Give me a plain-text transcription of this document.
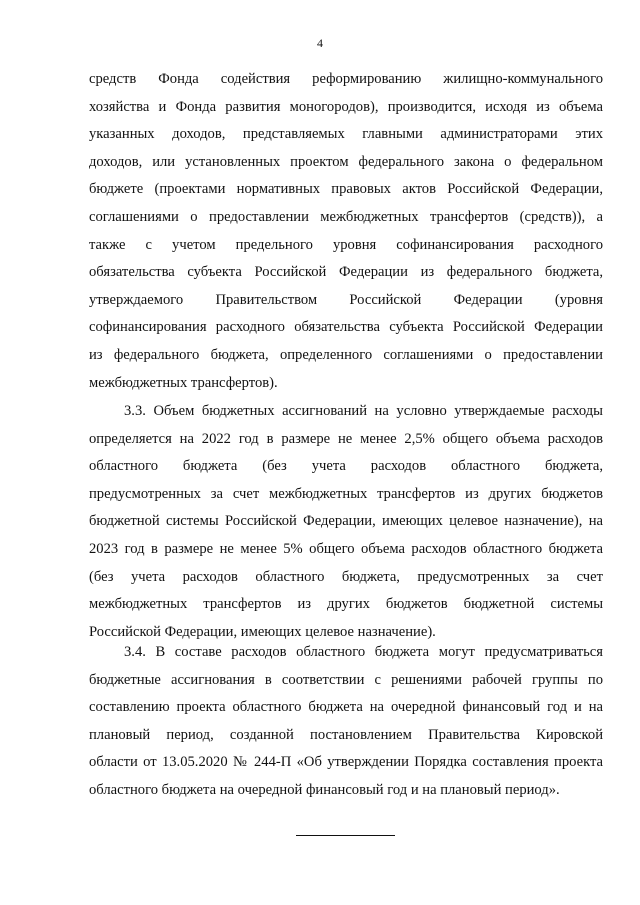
4
средств Фонда содействия реформированию жилищно-коммунального
хозяйства и Фонда развития моногородов), производится, исходя из объема
указанных доходов, представляемых главными администраторами этих
доходов, или установленных проектом федерального закона о федеральном
бюджете (проектами нормативных правовых актов Российской Федерации,
соглашениями о предоставлении межбюджетных трансфертов (средств)), а
также с учетом предельного уровня софинансирования расходного
обязательства субъекта Российской Федерации из федерального бюджета,
утверждаемого Правительством Российской Федерации (уровня
софинансирования расходного обязательства субъекта Российской Федерации
из федерального бюджета, определенного соглашениями о предоставлении
межбюджетных трансфертов).
3.3. Объем бюджетных ассигнований на условно утверждаемые расходы
определяется на 2022 год в размере не менее 2,5% общего объема расходов
областного бюджета (без учета расходов областного бюджета,
предусмотренных за счет межбюджетных трансфертов из других бюджетов
бюджетной системы Российской Федерации, имеющих целевое назначение), на
2023 год в размере не менее 5% общего объема расходов областного бюджета
(без учета расходов областного бюджета, предусмотренных за счет
межбюджетных трансфертов из других бюджетов бюджетной системы
Российской Федерации, имеющих целевое назначение).
3.4. В составе расходов областного бюджета могут предусматриваться
бюджетные ассигнования в соответствии с решениями рабочей группы по
составлению проекта областного бюджета на очередной финансовый год и на
плановый период, созданной постановлением Правительства Кировской
области от 13.05.2020 № 244-П «Об утверждении Порядка составления проекта
областного бюджета на очередной финансовый год и на плановый период».
